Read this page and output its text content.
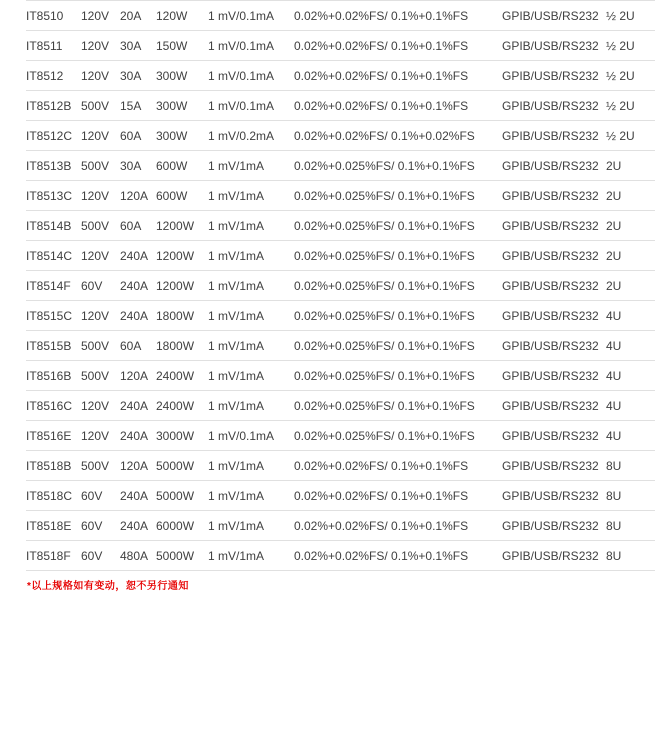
IT8510	120V	20A	120W	1 mV/0.1mA	0.02%+0.02%FS/ 0.1%+0.1%FS	GPIB/USB/RS232	½ 2U
IT8511	120V	30A	150W	1 mV/0.1mA	0.02%+0.02%FS/ 0.1%+0.1%FS	GPIB/USB/RS232	½ 2U
IT8512	120V	30A	300W	1 mV/0.1mA	0.02%+0.02%FS/ 0.1%+0.1%FS	GPIB/USB/RS232	½ 2U
IT8512B	500V	15A	300W	1 mV/0.1mA	0.02%+0.02%FS/ 0.1%+0.1%FS	GPIB/USB/RS232	½ 2U
IT8512C	120V	60A	300W	1 mV/0.2mA	0.02%+0.02%FS/ 0.1%+0.02%FS	GPIB/USB/RS232	½ 2U
IT8513B	500V	30A	600W	1 mV/1mA	0.02%+0.025%FS/ 0.1%+0.1%FS	GPIB/USB/RS232	2U
IT8513C	120V	120A	600W	1 mV/1mA	0.02%+0.025%FS/ 0.1%+0.1%FS	GPIB/USB/RS232	2U
IT8514B	500V	60A	1200W	1 mV/1mA	0.02%+0.025%FS/ 0.1%+0.1%FS	GPIB/USB/RS232	2U
IT8514C	120V	240A	1200W	1 mV/1mA	0.02%+0.025%FS/ 0.1%+0.1%FS	GPIB/USB/RS232	2U
IT8514F	60V	240A	1200W	1 mV/1mA	0.02%+0.025%FS/ 0.1%+0.1%FS	GPIB/USB/RS232	2U
IT8515C	120V	240A	1800W	1 mV/1mA	0.02%+0.025%FS/ 0.1%+0.1%FS	GPIB/USB/RS232	4U
IT8515B	500V	60A	1800W	1 mV/1mA	0.02%+0.025%FS/ 0.1%+0.1%FS	GPIB/USB/RS232	4U
IT8516B	500V	120A	2400W	1 mV/1mA	0.02%+0.025%FS/ 0.1%+0.1%FS	GPIB/USB/RS232	4U
IT8516C	120V	240A	2400W	1 mV/1mA	0.02%+0.025%FS/ 0.1%+0.1%FS	GPIB/USB/RS232	4U
IT8516E	120V	240A	3000W	1 mV/0.1mA	0.02%+0.025%FS/ 0.1%+0.1%FS	GPIB/USB/RS232	4U
IT8518B	500V	120A	5000W	1 mV/1mA	0.02%+0.02%FS/ 0.1%+0.1%FS	GPIB/USB/RS232	8U
IT8518C	60V	240A	5000W	1 mV/1mA	0.02%+0.02%FS/ 0.1%+0.1%FS	GPIB/USB/RS232	8U
IT8518E	60V	240A	6000W	1 mV/1mA	0.02%+0.02%FS/ 0.1%+0.1%FS	GPIB/USB/RS232	8U
IT8518F	60V	480A	5000W	1 mV/1mA	0.02%+0.02%FS/ 0.1%+0.1%FS	GPIB/USB/RS232	8U
*以上规格如有变动，恕不另行通知
